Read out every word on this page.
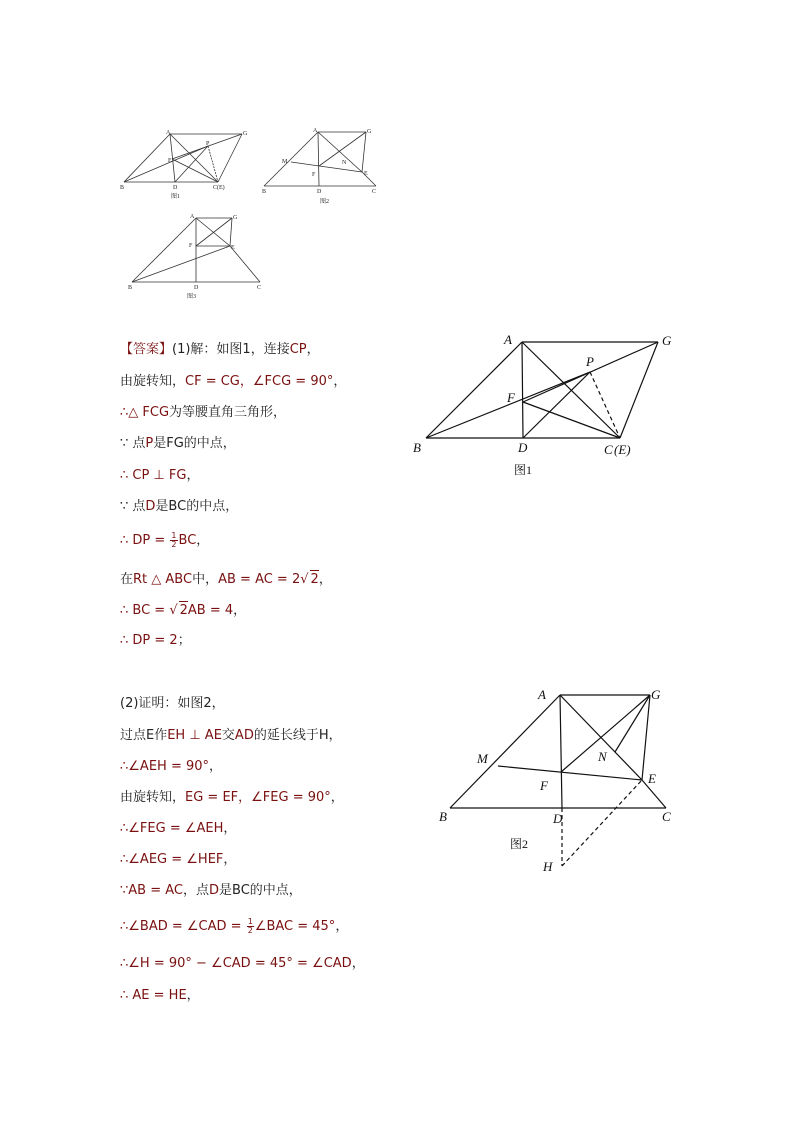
A	G
P
E
B	D	C(E)
图1
A	G
M	N
F	E
B	D	C
图2
A	G
F	E
B	D	C
图3
A	G
P
F
B	D	C (E)
图1
A	G
N
M
F	E
B	D	C
H
图2
【答案】(1)解：如图1，连接CP，
由旋转知，CF = CG，∠FCG = 90°，
∴△ FCG为等腰直角三角形，
∵ 点P是FG的中点，
∴ CP ⊥ FG，
∵ 点D是BC的中点，
∴ DP = $\frac{1}{2}$ BC，
在Rt △ ABC中，AB = AC = 2√ 2，
∴ BC = √ 2AB = 4，
∴ DP = 2；
(2)证明：如图2，
过点E作EH ⊥ AE交AD的延长线于H，
∴∠AEH = 90°，
由旋转知，EG = EF，∠FEG = 90°，
∴∠FEG = ∠AEH，
∴∠AEG = ∠HEF，
∵AB = AC，点D是BC的中点，
∴∠BAD = ∠CAD = $\frac{1}{2}$ ∠BAC = 45°，
∴∠H = 90° − ∠CAD = 45° = ∠CAD，
∴ AE = HE，
